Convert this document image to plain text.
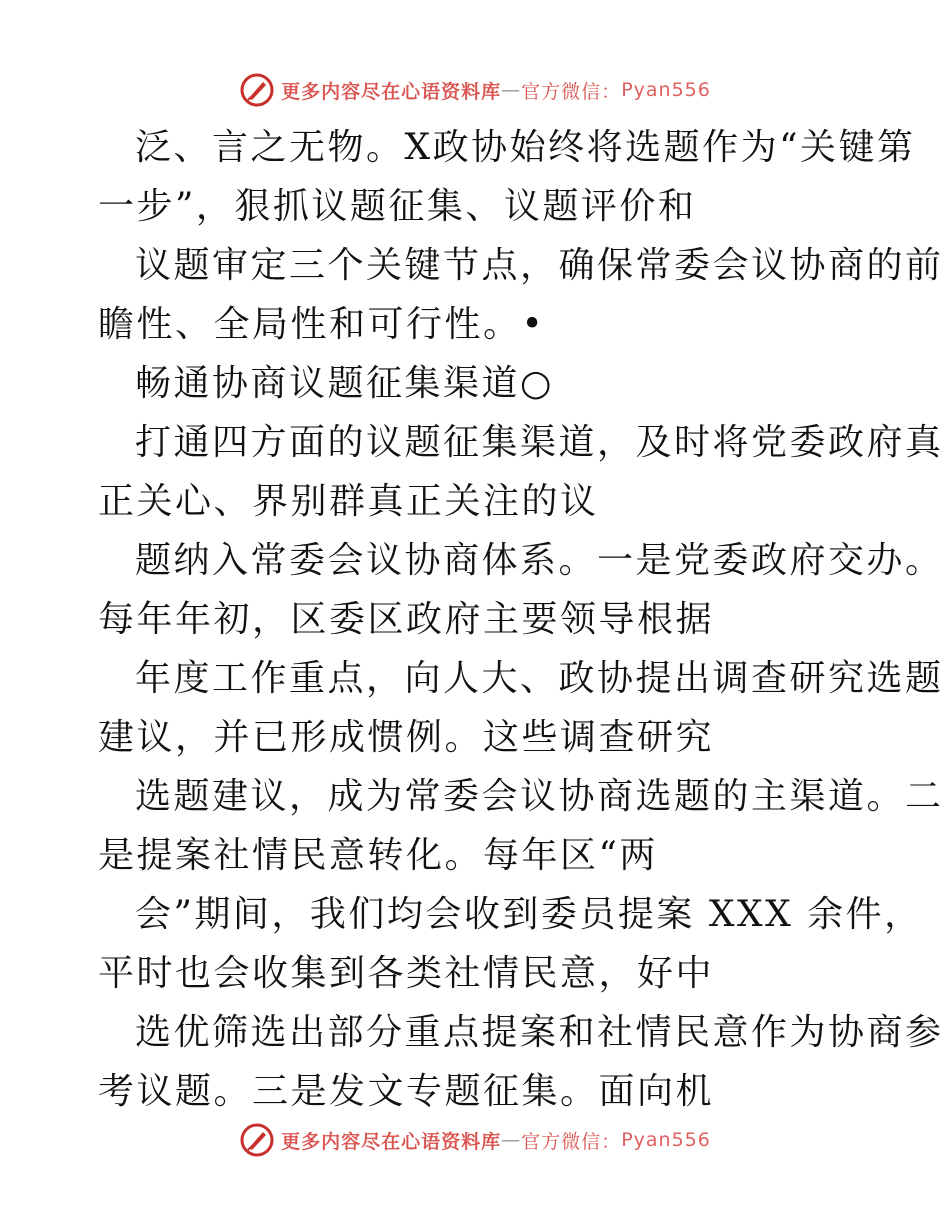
更多内容尽在心语资料库 — 官方微信： Pyan556
泛、言之无物。X政协始终将选题作为“关键第
一步”，狠抓议题征集、议题评价和
议题审定三个关键节点，确保常委会议协商的前
瞻性、全局性和可行性。•
畅通协商议题征集渠道○
打通四方面的议题征集渠道，及时将党委政府真
正关心、界别群真正关注的议
题纳入常委会议协商体系。一是党委政府交办。
每年年初，区委区政府主要领导根据
年度工作重点，向人大、政协提出调查研究选题
建议，并已形成惯例。这些调查研究
选题建议，成为常委会议协商选题的主渠道。二
是提案社情民意转化。每年区“两
会”期间，我们均会收到委员提案 XXX 余件，
平时也会收集到各类社情民意，好中
选优筛选出部分重点提案和社情民意作为协商参
考议题。三是发文专题征集。面向机
更多内容尽在心语资料库 — 官方微信： Pyan556
